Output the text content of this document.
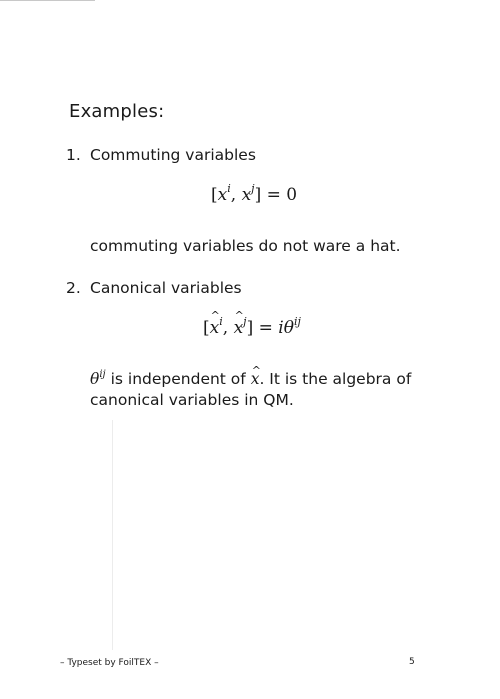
Examples:
1. Commuting variables
[$x^i$, $x^j] = 0$
commuting variables do not ware a hat.
2. Canonical variables
[^ $x^i$, ^ $x^j] = i\theta^{ij}$
$\theta^{ij}$ is independent of ^ x. It is the algebra of
canonical variables in QM.
– Typeset by FoilTEX –	5
